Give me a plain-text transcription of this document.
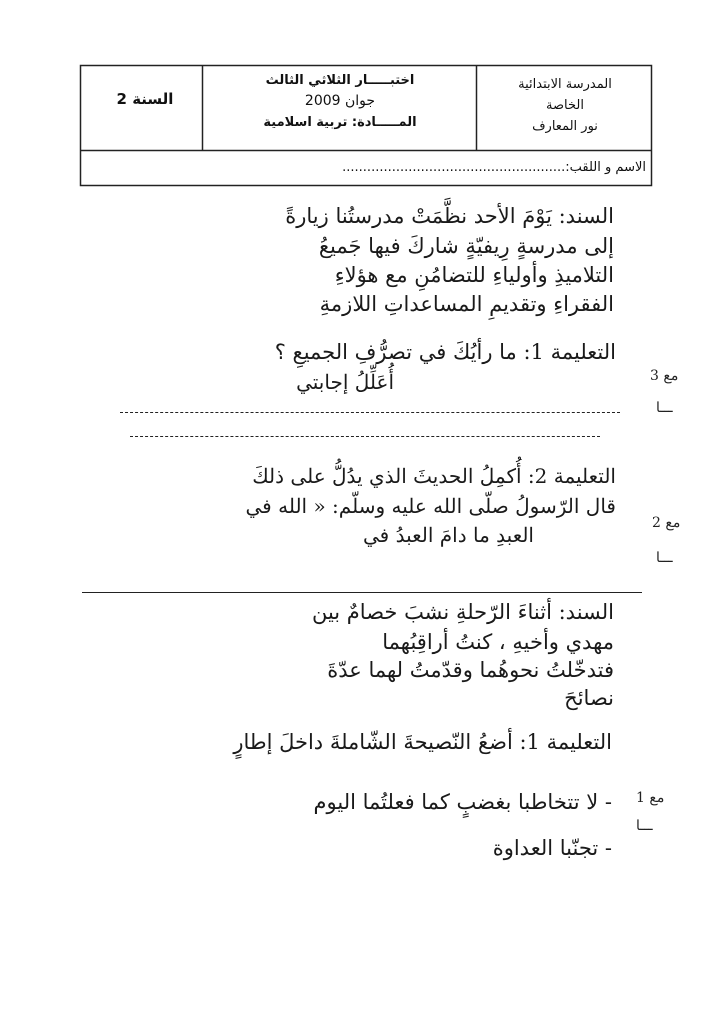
المدرسة الابتدائية
الخاصة
نور المعارف
اختبـــــار الثلاثي الثالث
جوان 2009
المـــــادة: تربية اسلامية
السنة 2
الاسم و اللقب:......................................................
السند: يَوْمَ الأحد نظَّمَتْ مدرستُنا زيارةً
إلى مدرسةٍ رِيفيّةٍ شاركَ فيها جَميعُ
التلاميذِ وأولياءِ للتضامُنِ مع هؤلاءِ
الفقراءِ وتقديمِ المساعداتِ اللازمةِ
التعليمة 1: ما رأيُكَ في تصرُّفِ الجميعِ ؟
أُعَلِّلُ إجابتي
التعليمة 2: أُكمِلُ الحديثَ الذي يدُلُّ على ذلكَ
قال الرّسولُ صلّى الله عليه وسلّم: « الله في
العبدِ ما دامَ العبدُ في
مع 3
ـــا
مع 2
ـــا
السند: أثناءَ الرّحلةِ نشبَ خصامٌ بين
مهدي وأخيهِ ، كنتُ أراقِبُهما
فتدخّلتُ نحوهُما وقدّمتُ لهما عدّةَ
نصائحَ
التعليمة 1: أضعُ النّصيحةَ الشّاملةَ داخلَ إطارٍ
- لا تتخاطبا بغضبٍ كما فعلتُما اليوم
- تجنّبا العداوة
مع 1
ـــا
